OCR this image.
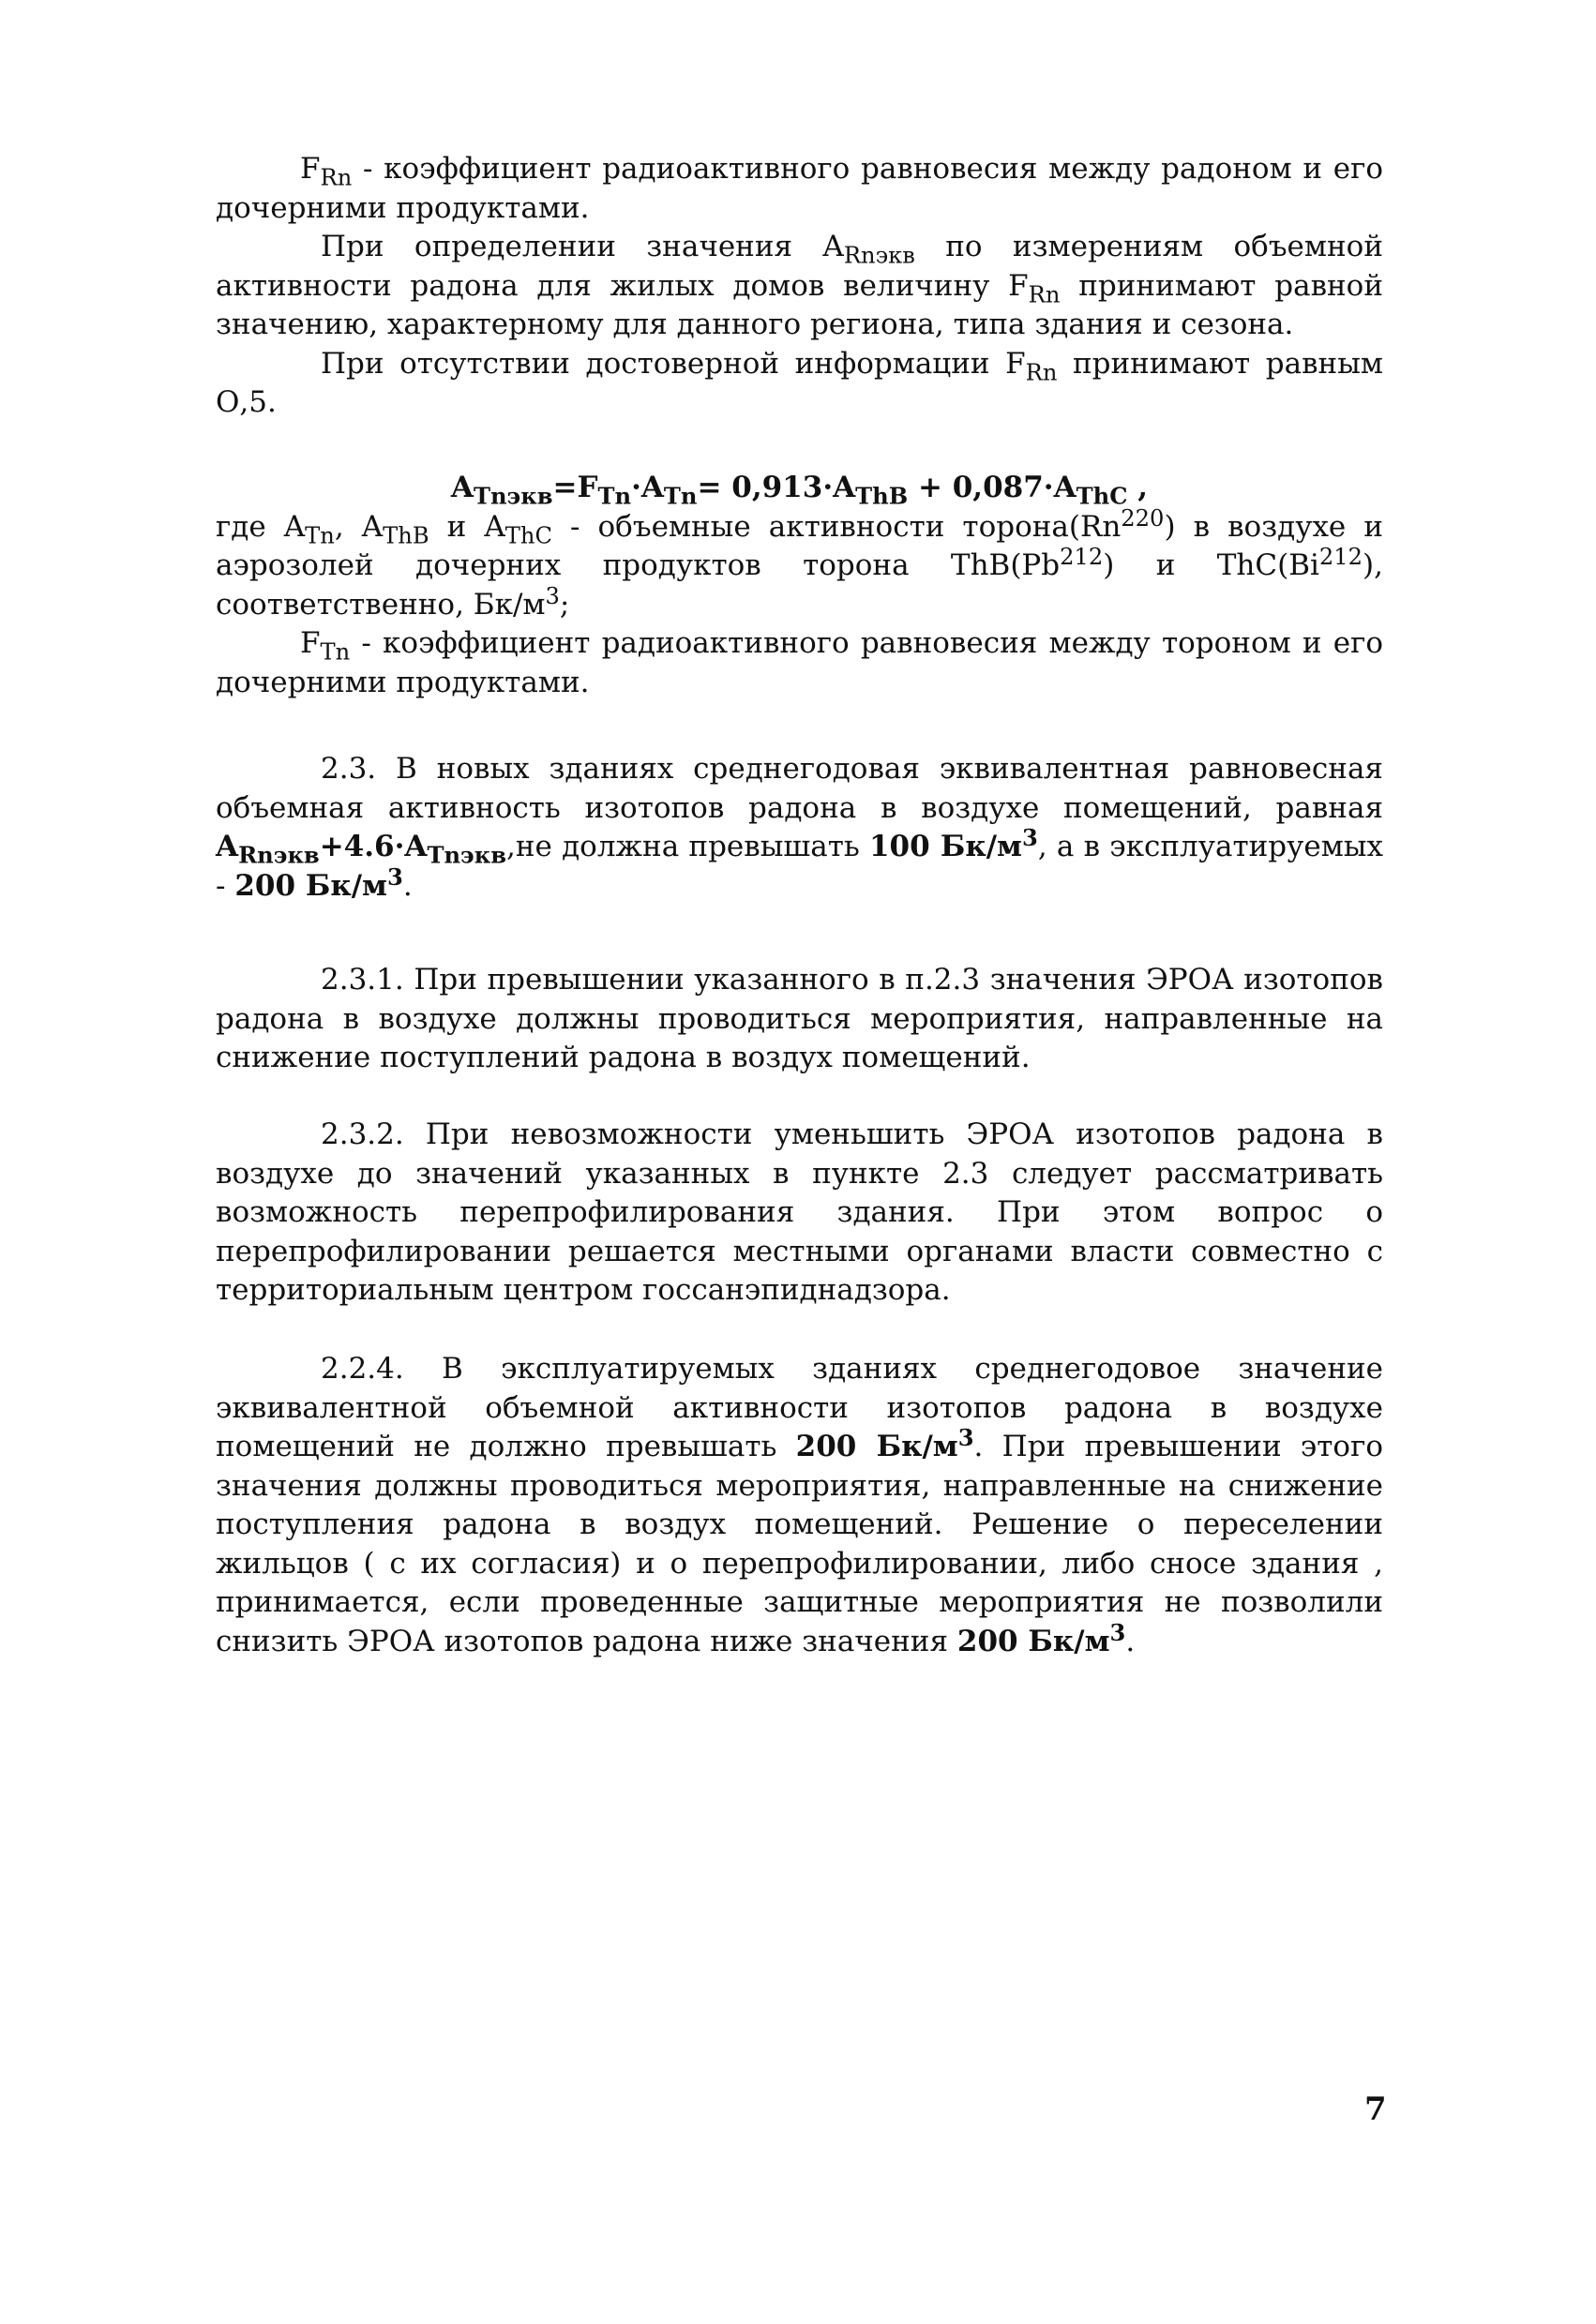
$F_{Rn}$ - коэффициент радиоактивного равновесия между радоном и его дочерними продуктами.

При определении значения $A_{Rnэкв}$ по измерениям объемной активности радона для жилых домов величину $F_{Rn}$ принимают равной значению, характерному для данного региона, типа здания и сезона.

При отсутствии достоверной информации $F_{Rn}$ принимают равным О,5.

$A_{Tnэкв}=F_{Tn}\cdot A_{Tn}= 0,913\cdot A_{ThB} + 0,087\cdot A_{ThC}$ ,

где $A_{Tn}$, $A_{ThB}$ и $A_{ThC}$ - объемные активности торона(Rn$^{220}$) в воздухе и аэрозолей дочерних продуктов торона ThB(Pb$^{212}$) и ThC(Bi$^{212}$), соответственно, $Бк/м^3$;

$F_{Tn}$ - коэффициент радиоактивного равновесия между тороном и его дочерними продуктами.

2.3. В новых зданиях среднегодовая эквивалентная равновесная объемная активность изотопов радона в воздухе помещений, равная $A_{Rnэкв}+4.6\cdot A_{Tnэкв},не$ должна превышать 100 $Бк/м^3$, а в эксплуатируемых - 200 $Бк/м^3$.

2.3.1. При превышении указанного в п.2.3 значения ЭРОА изотопов радона в воздухе должны проводиться мероприятия, направленные на снижение поступлений радона в воздух помещений.

2.3.2. При невозможности уменьшить ЭРОА изотопов радона в воздухе до значений указанных в пункте 2.3 следует рассматривать возможность перепрофилирования здания. При этом вопрос о перепрофилировании решается местными органами власти совместно с территориальным центром госсанэпиднадзора.

2.2.4. В эксплуатируемых зданиях среднегодовое значение эквивалентной объемной активности изотопов радона в воздухе помещений не должно превышать 200 $Бк/м^3$. При превышении этого значения должны проводиться мероприятия, направленные на снижение поступления радона в воздух помещений. Решение о переселении жильцов ( с их согласия) и о перепрофилировании, либо сносе здания , принимается, если проведенные защитные мероприятия не позволили снизить ЭРОА изотопов радона ниже значения 200 $Бк/м^3$.

7
